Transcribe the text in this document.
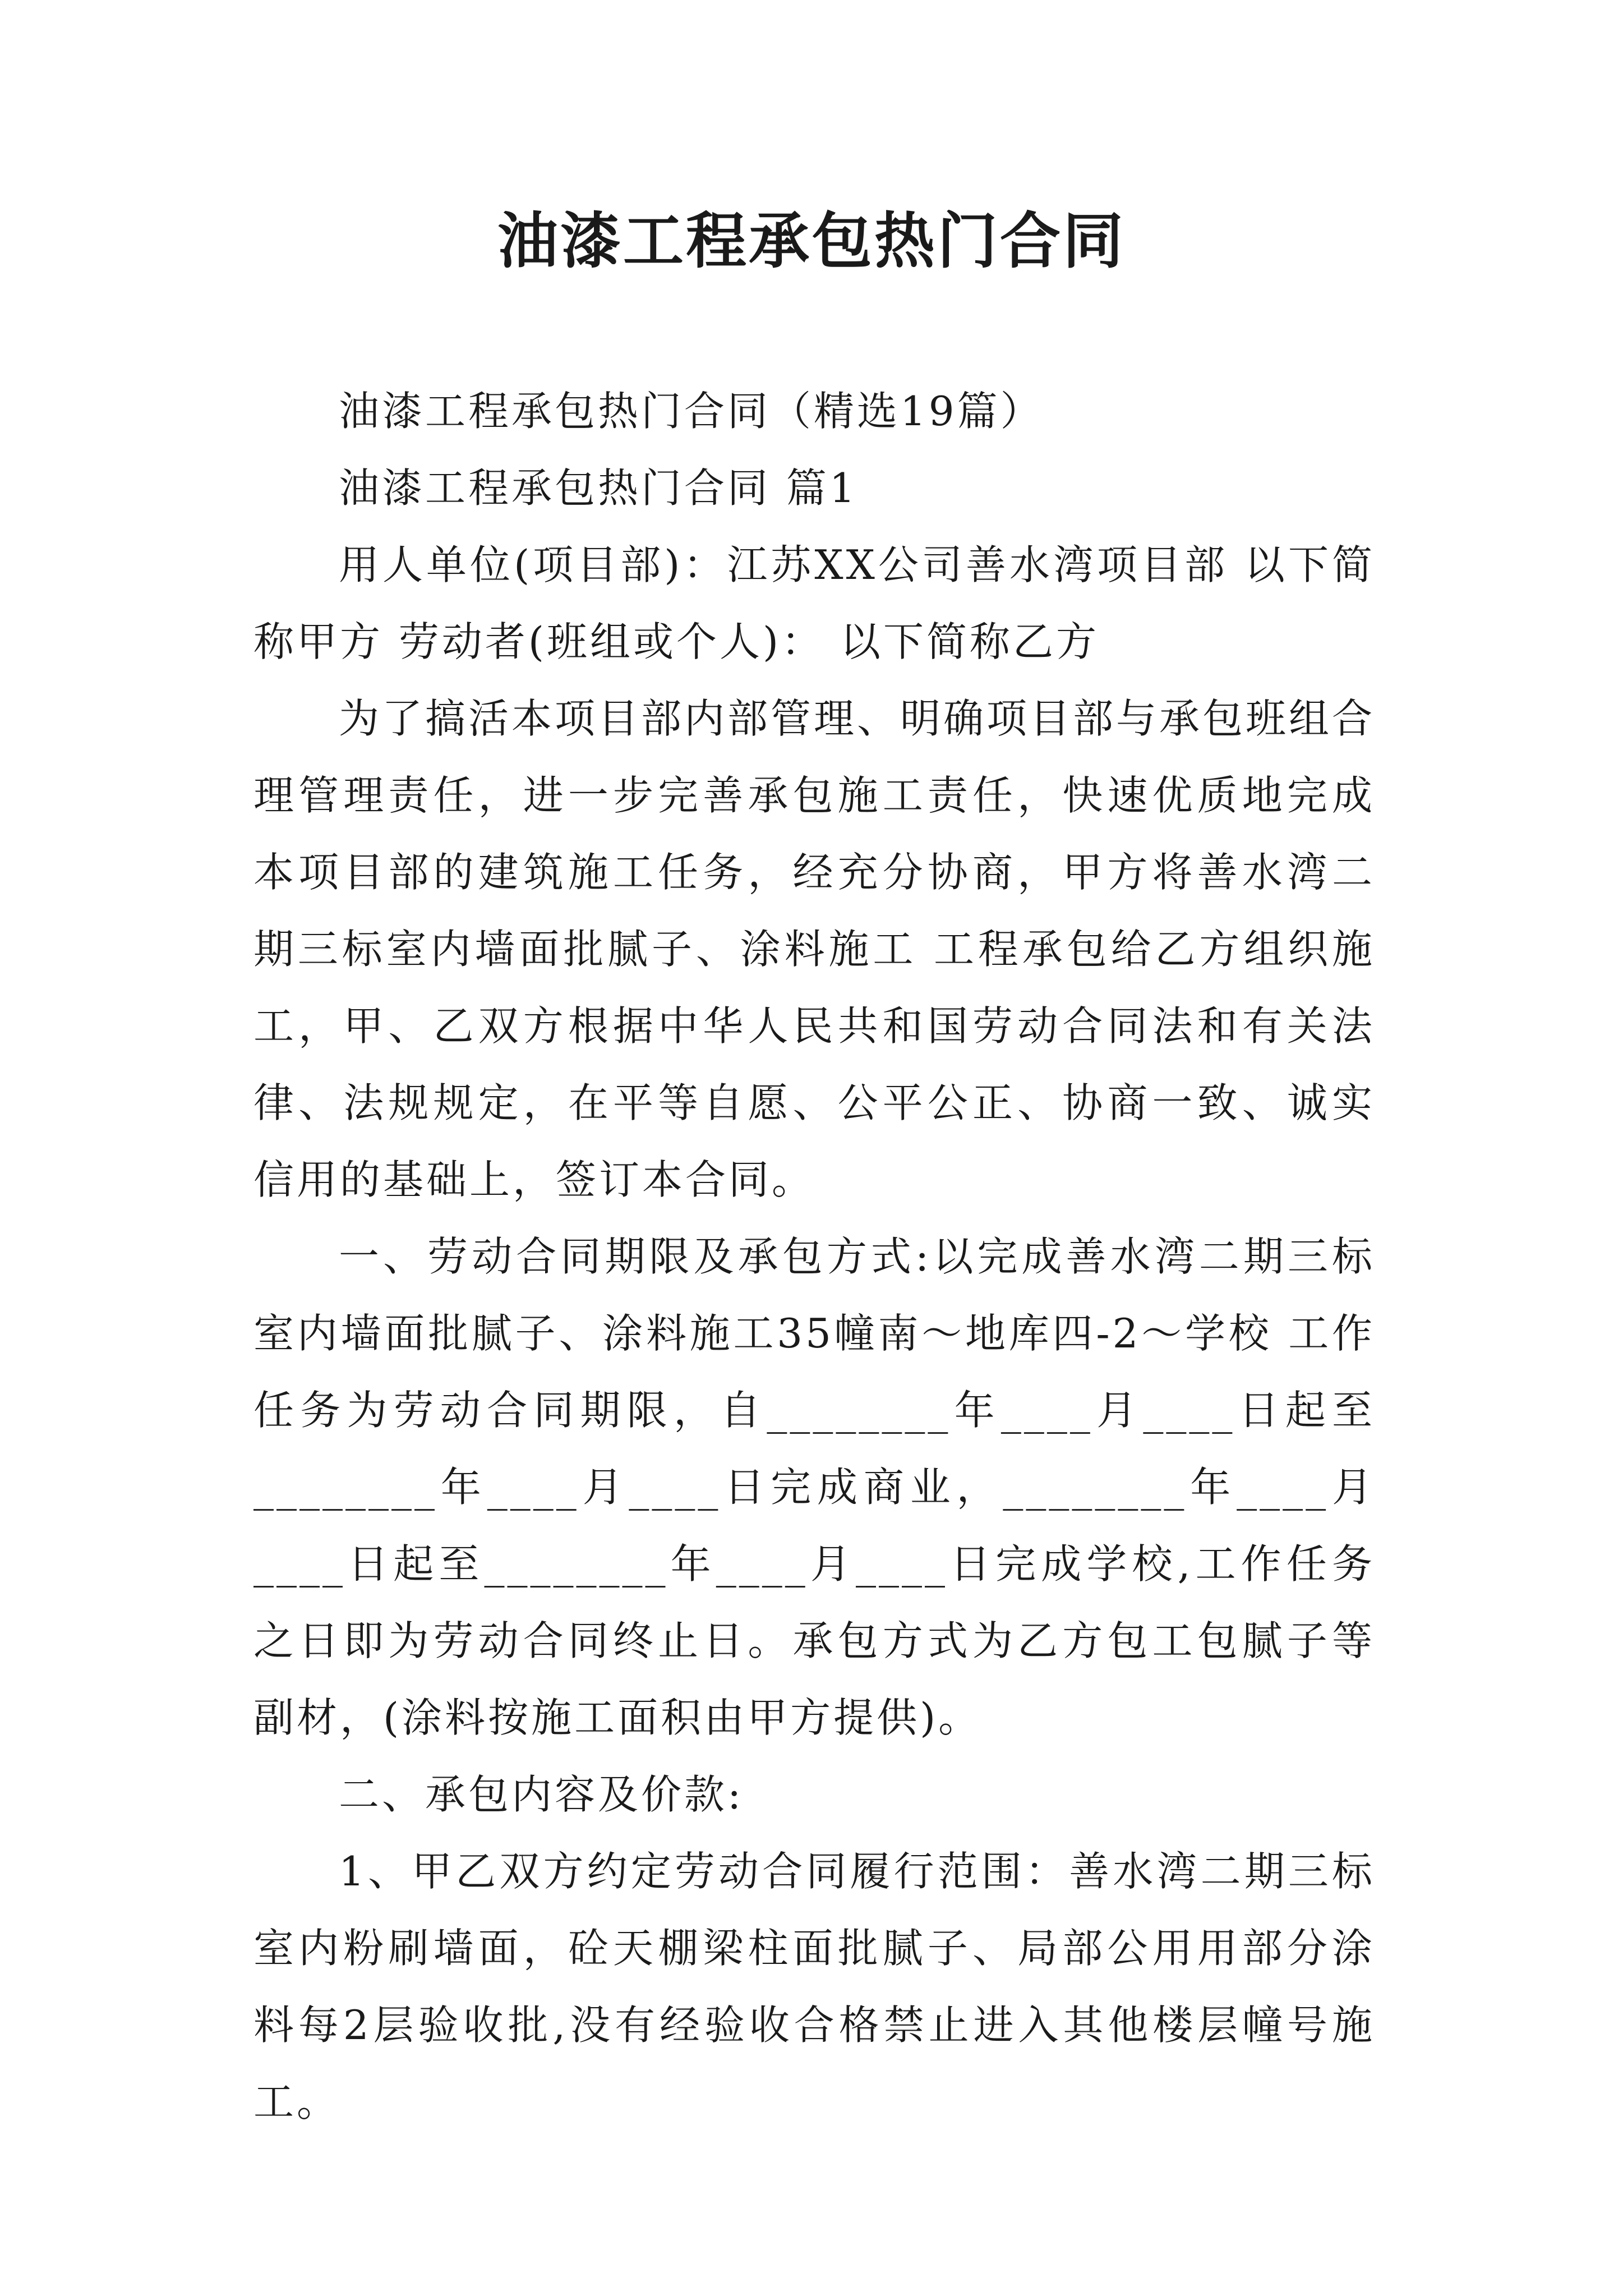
油漆工程承包热门合同

油漆工程承包热门合同（精选19篇）

油漆工程承包热门合同 篇1

用人单位(项目部)：江苏XX公司善水湾项目部 以下简称甲方 劳动者(班组或个人)： 以下简称乙方

为了搞活本项目部内部管理、明确项目部与承包班组合理管理责任，进一步完善承包施工责任，快速优质地完成本项目部的建筑施工任务，经充分协商，甲方将善水湾二期三标室内墙面批腻子、涂料施工 工程承包给乙方组织施工，甲、乙双方根据中华人民共和国劳动合同法和有关法律、法规规定，在平等自愿、公平公正、协商一致、诚实信用的基础上，签订本合同。

一、劳动合同期限及承包方式:以完成善水湾二期三标室内墙面批腻子、涂料施工35幢南～地库四-2～学校 工作任务为劳动合同期限，自________年____月____日起至________年____月____日完成商业，________年____月____日起至________年____月____日完成学校,工作任务之日即为劳动合同终止日。承包方式为乙方包工包腻子等副材，(涂料按施工面积由甲方提供)。

二、承包内容及价款:

1、甲乙双方约定劳动合同履行范围：善水湾二期三标室内粉刷墙面，砼天棚梁柱面批腻子、局部公用用部分涂料每2层验收批,没有经验收合格禁止进入其他楼层幢号施工。
